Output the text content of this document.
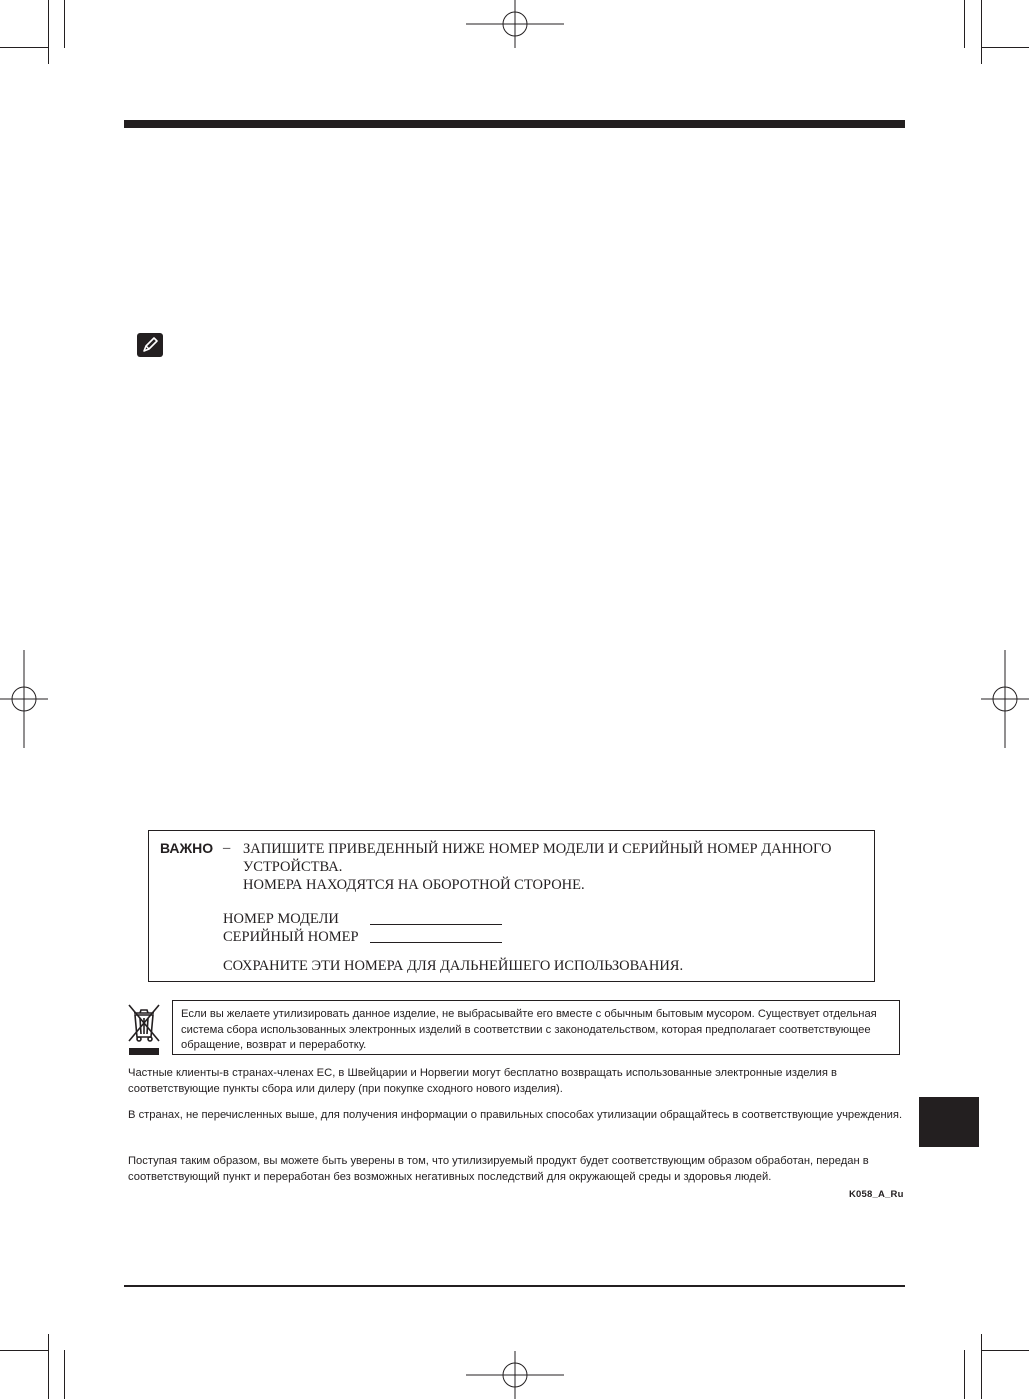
ВАЖНО – ЗАПИШИТЕ ПРИВЕДЕННЫЙ НИЖЕ НОМЕР МОДЕЛИ И СЕРИЙНЫЙ НОМЕР ДАННОГО
УСТРОЙСТВА.
НОМЕРА НАХОДЯТСЯ НА ОБОРОТНОЙ СТОРОНЕ.
НОМЕР МОДЕЛИ
СЕРИЙНЫЙ НОМЕР
СОХРАНИТЕ ЭТИ НОМЕРА ДЛЯ ДАЛЬНЕЙШЕГО ИСПОЛЬЗОВАНИЯ.
Если вы желаете утилизировать данное изделие, не выбрасывайте его вместе с обычным бытовым мусором. Существует отдельная система сбора использованных электронных изделий в соответствии с законодательством, которая предполагает соответствующее обращение, возврат и переработку.
Частные клиенты-в странах-членах ЕС, в Швейцарии и Норвегии могут бесплатно возвращать использованные электронные изделия в соответствующие пункты сбора или дилеру (при покупке сходного нового изделия).
В странах, не перечисленных выше, для получения информации о правильных способах утилизации обращайтесь в соответствующие учреждения.
Поступая таким образом, вы можете быть уверены в том, что утилизируемый продукт будет соответствующим образом обработан, передан в соответствующий пункт и переработан без возможных негативных последствий для окружающей среды и здоровья людей.
K058_A_Ru
